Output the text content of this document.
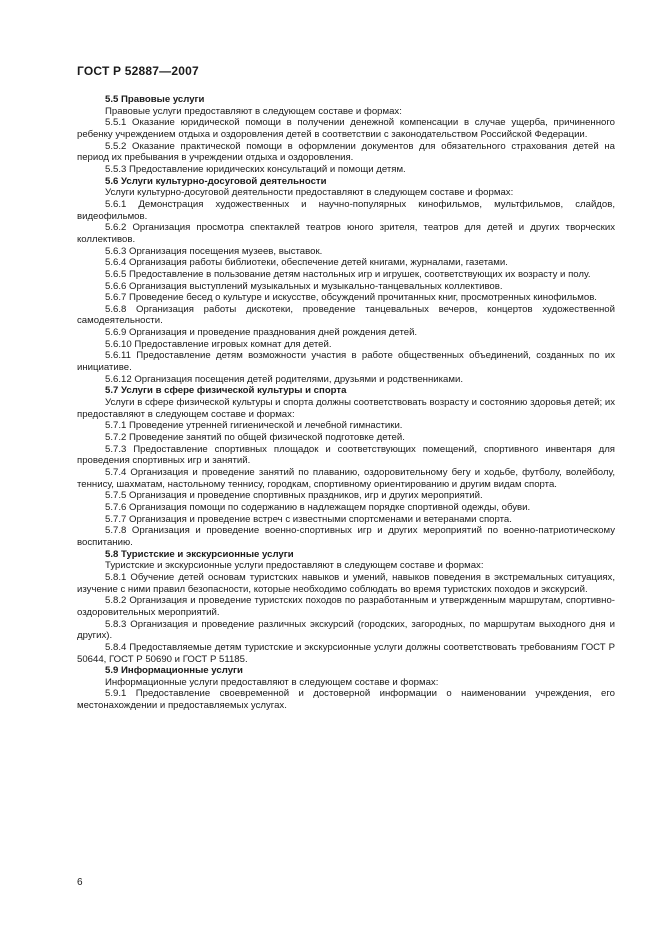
ГОСТ Р 52887—2007

5.5 Правовые услуги

Правовые услуги предоставляют в следующем составе и формах:

5.5.1 Оказание юридической помощи в получении денежной компенсации в случае ущерба, причиненного ребенку учреждением отдыха и оздоровления детей в соответствии с законодательством Российской Федерации.

5.5.2 Оказание практической помощи в оформлении документов для обязательного страхования детей на период их пребывания в учреждении отдыха и оздоровления.

5.5.3 Предоставление юридических консультаций и помощи детям.

5.6 Услуги культурно-досуговой деятельности

Услуги культурно-досуговой деятельности предоставляют в следующем составе и формах:

5.6.1 Демонстрация художественных и научно-популярных кинофильмов, мультфильмов, слайдов, видеофильмов.

5.6.2 Организация просмотра спектаклей театров юного зрителя, театров для детей и других творческих коллективов.

5.6.3 Организация посещения музеев, выставок.

5.6.4 Организация работы библиотеки, обеспечение детей книгами, журналами, газетами.

5.6.5 Предоставление в пользование детям настольных игр и игрушек, соответствующих их возрасту и полу.

5.6.6 Организация выступлений музыкальных и музыкально-танцевальных коллективов.

5.6.7 Проведение бесед о культуре и искусстве, обсуждений прочитанных книг, просмотренных кинофильмов.

5.6.8 Организация работы дискотеки, проведение танцевальных вечеров, концертов художественной самодеятельности.

5.6.9 Организация и проведение празднования дней рождения детей.

5.6.10 Предоставление игровых комнат для детей.

5.6.11 Предоставление детям возможности участия в работе общественных объединений, созданных по их инициативе.

5.6.12 Организация посещения детей родителями, друзьями и родственниками.

5.7 Услуги в сфере физической культуры и спорта

Услуги в сфере физической культуры и спорта должны соответствовать возрасту и состоянию здоровья детей; их предоставляют в следующем составе и формах:

5.7.1 Проведение утренней гигиенической и лечебной гимнастики.

5.7.2 Проведение занятий по общей физической подготовке детей.

5.7.3 Предоставление спортивных площадок и соответствующих помещений, спортивного инвентаря для проведения спортивных игр и занятий.

5.7.4 Организация и проведение занятий по плаванию, оздоровительному бегу и ходьбе, футболу, волейболу, теннису, шахматам, настольному теннису, городкам, спортивному ориентированию и другим видам спорта.

5.7.5 Организация и проведение спортивных праздников, игр и других мероприятий.

5.7.6 Организация помощи по содержанию в надлежащем порядке спортивной одежды, обуви.

5.7.7 Организация и проведение встреч с известными спортсменами и ветеранами спорта.

5.7.8 Организация и проведение военно-спортивных игр и других мероприятий по военно-патриотическому воспитанию.

5.8 Туристские и экскурсионные услуги

Туристские и экскурсионные услуги предоставляют в следующем составе и формах:

5.8.1 Обучение детей основам туристских навыков и умений, навыков поведения в экстремальных ситуациях, изучение с ними правил безопасности, которые необходимо соблюдать во время туристских походов и экскурсий.

5.8.2 Организация и проведение туристских походов по разработанным и утвержденным маршрутам, спортивно-оздоровительных мероприятий.

5.8.3 Организация и проведение различных экскурсий (городских, загородных, по маршрутам выходного дня и других).

5.8.4 Предоставляемые детям туристские и экскурсионные услуги должны соответствовать требованиям ГОСТ Р 50644, ГОСТ Р 50690 и ГОСТ Р 51185.

5.9 Информационные услуги

Информационные услуги предоставляют в следующем составе и формах:

5.9.1 Предоставление своевременной и достоверной информации о наименовании учреждения, его местонахождении и предоставляемых услугах.

6
